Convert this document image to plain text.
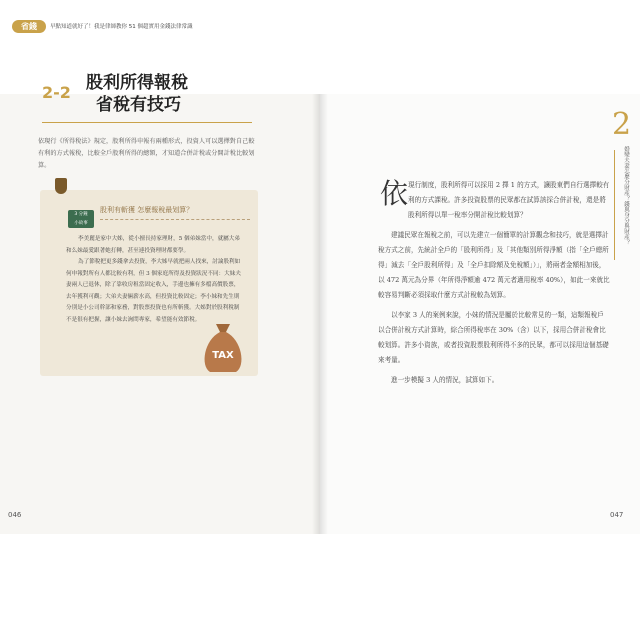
省錢	早點知道就好了！我是律師教你 51 個超實用金錢法律常識
2-2 股利所得報稅
省稅有技巧
依現行《所得稅法》規定，股利所得申報有兩種形式，投資人可以選擇對自己較有利的方式報稅，比較全戶股利所得的總額，才知道合併計稅或分開計稅比較划算。
3 分鐘
小故事
股利有斬獲 怎麼報稅最划算？

李美麗是家中大姊，從小擅長持家理財，5 個弟妹當中，就屬大弟和么妹最愛跟著她打轉，甚至連投資理財都要學。

為了節稅把更多錢拿去投資，李大姊早就把兩人找來，討論股利如何申報對所有人都比較有利，但 3 個家庭所得及投資狀況不同：大妹夫妻兩人已退休，除了靠收房租當固定收入，手邊也擁有多檔高價股票，去年獲利可觀；大弟夫妻倆薪水高，但投資比較固定；李小妹和先生則分別是小公司幹部和家務，對股票投資也有所斬獲。大姊對於股利稅制不是很有把握，讓小妹去詢問專家，希望能有效節稅。

TAX
2
婚變夫妻怎麼分財產？錢與身分與財產？
依 現行制度，股利所得可以採用 2 擇 1 的方式，讓股東們自行選擇較有利的方式課稅。許多投資股票的民眾都在試算該採合併計稅，還是將股利所得以單一稅率分開計稅比較划算？

建議民眾在報稅之前，可以先建立一個簡單的計算觀念和技巧，就是選擇計稅方式之前，先統計全戶的「股利所得」及「其他類別所得淨額（指「全戶總所得」減去「全戶股利所得」及「全戶扣除額及免稅額」）」，將兩者金額相加後，以 472 萬元為分界（年所得淨額逾 472 萬元者適用稅率 40%），如此一來就比較容易判斷必須採取什麼方式計稅較為划算。

以李家 3 人的案例來說，小妹的情況是屬於比較常見的一類，這類報稅戶以合併計稅方式計算時，綜合所得稅率在 30%（含）以下，採用合併計稅會比較划算。許多小資族，或者投資股票股利所得不多的民眾，都可以採用這個基礎來考量。

進一步模擬 3 人的情況，試算如下。

046	047
